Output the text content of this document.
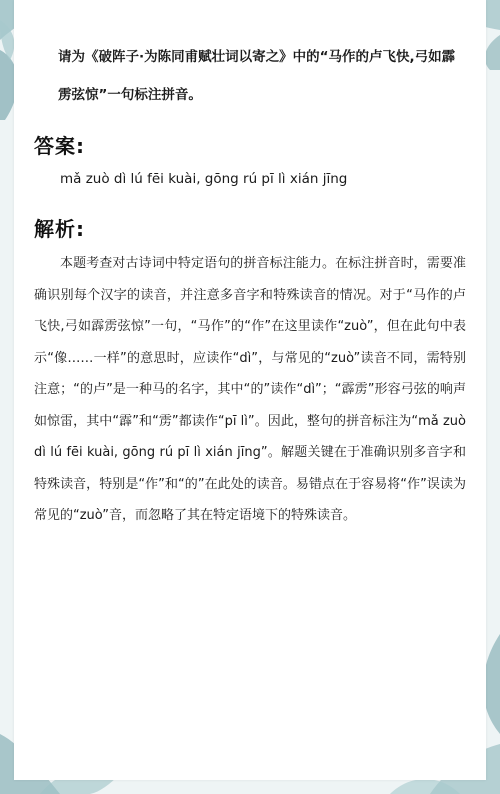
请为《破阵子·为陈同甫赋壮词以寄之》中的“马作的卢飞快,弓如霹雳弦惊”一句标注拼音。
答案:
mǎ zuò dì lú fēi kuài, gōng rú pī lì xián jīng
解析:

本题考查对古诗词中特定语句的拼音标注能力。在标注拼音时，需要准确识别每个汉字的读音，并注意多音字和特殊读音的情况。对于“马作的卢飞快,弓如霹雳弦惊”一句，“马作”的“作”在这里读作“zuò”，但在此句中表示“像……一样”的意思时，应读作“dì”，与常见的“zuò”读音不同，需特别注意；“的卢”是一种马的名字，其中“的”读作“dì”；“霹雳”形容弓弦的响声如惊雷，其中“霹”和“雳”都读作“pī lì”。因此，整句的拼音标注为“mǎ zuò dì lú fēi kuài, gōng rú pī lì xián jīng”。解题关键在于准确识别多音字和特殊读音，特别是“作”和“的”在此处的读音。易错点在于容易将“作”误读为常见的“zuò”音，而忽略了其在特定语境下的特殊读音。
